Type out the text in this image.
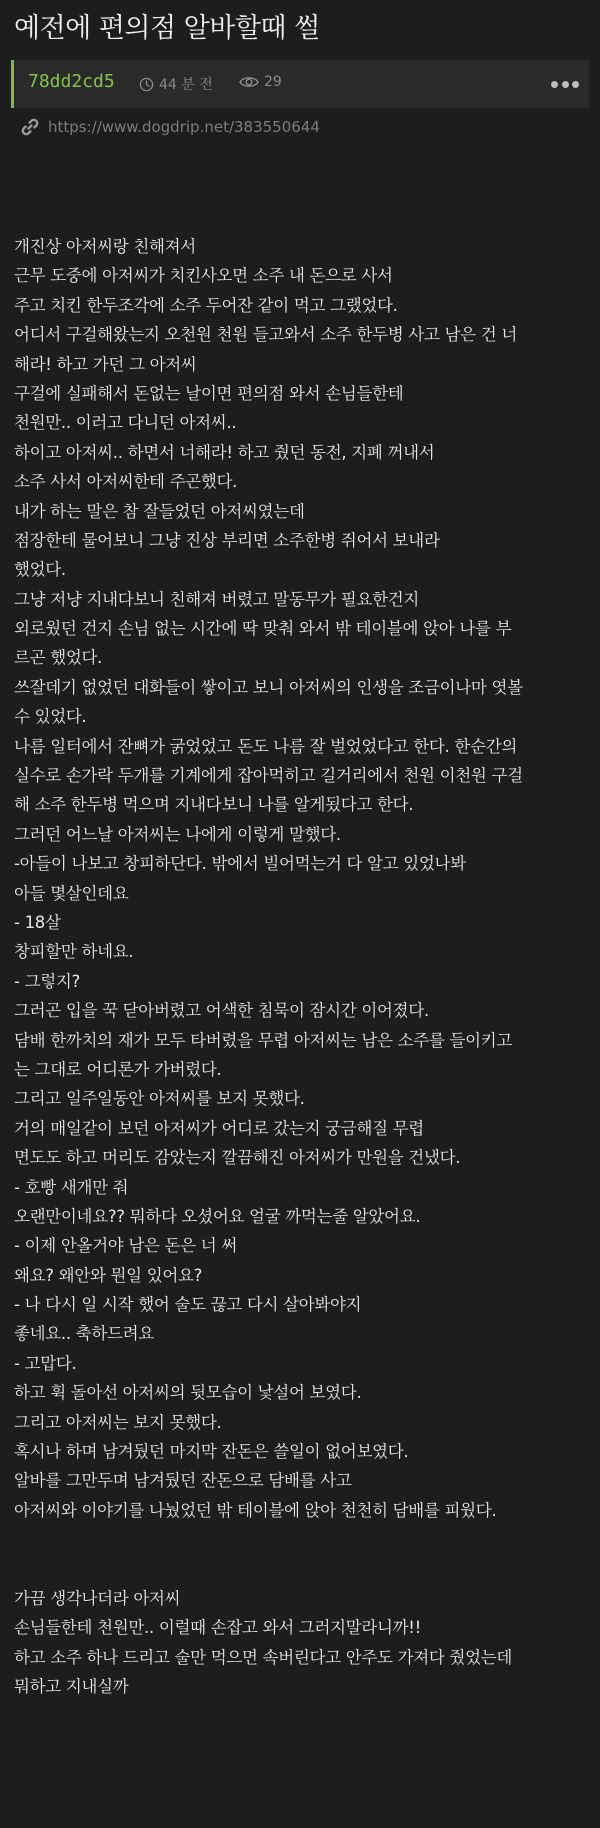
예전에 편의점 알바할때 썰
78dd2cd5	44 분 전	29
https://www.dogdrip.net/383550644
개진상 아저씨랑 친해져서
근무 도중에 아저씨가 치킨사오면 소주 내 돈으로 사서
주고 치킨 한두조각에 소주 두어잔 같이 먹고 그랬었다.
어디서 구걸해왔는지 오천원 천원 들고와서 소주 한두병 사고 남은 건 너
해라! 하고 가던 그 아저씨
구걸에 실패해서 돈없는 날이면 편의점 와서 손님들한테
천원만.. 이러고 다니던 아저씨..
하이고 아저씨.. 하면서 너해라! 하고 줬던 동전, 지폐 꺼내서
소주 사서 아저씨한테 주곤했다.
내가 하는 말은 참 잘들었던 아저씨였는데
점장한테 물어보니 그냥 진상 부리면 소주한병 쥐어서 보내라
했었다.
그냥 저냥 지내다보니 친해져 버렸고 말동무가 필요한건지
외로웠던 건지 손님 없는 시간에 딱 맞춰 와서 밖 테이블에 앉아 나를 부
르곤 했었다.
쓰잘데기 없었던 대화들이 쌓이고 보니 아저씨의 인생을 조금이나마 엿볼
수 있었다.
나름 일터에서 잔뼈가 굵었었고 돈도 나름 잘 벌었었다고 한다. 한순간의
실수로 손가락 두개를 기계에게 잡아먹히고 길거리에서 천원 이천원 구걸
해 소주 한두병 먹으며 지내다보니 나를 알게됬다고 한다.
그러던 어느날 아저씨는 나에게 이렇게 말했다.
-아들이 나보고 창피하단다. 밖에서 빌어먹는거 다 알고 있었나봐
아들 몇살인데요
- 18살
창피할만 하네요.
- 그렇지?
그러곤 입을 꾹 닫아버렸고 어색한 침묵이 잠시간 이어졌다.
담배 한까치의 재가 모두 타버렸을 무렵 아저씨는 남은 소주를 들이키고
는 그대로 어디론가 가버렸다.
그리고 일주일동안 아저씨를 보지 못했다.
거의 매일같이 보던 아저씨가 어디로 갔는지 궁금해질 무렵
면도도 하고 머리도 감았는지 깔끔해진 아저씨가 만원을 건냈다.
- 호빵 새개만 줘
오랜만이네요?? 뭐하다 오셨어요 얼굴 까먹는줄 알았어요.
- 이제 안올거야 남은 돈은 너 써
왜요? 왜안와 뭔일 있어요?
- 나 다시 일 시작 했어 술도 끊고 다시 살아봐야지
좋네요.. 축하드려요
- 고맙다.
하고 휙 돌아선 아저씨의 뒷모습이 낯설어 보였다.
그리고 아저씨는 보지 못했다.
혹시나 하며 남겨뒀던 마지막 잔돈은 쓸일이 없어보였다.
알바를 그만두며 남겨뒀던 잔돈으로 담배를 사고
아저씨와 이야기를 나눴었던 밖 테이블에 앉아 천천히 담배를 피웠다.
가끔 생각나더라 아저씨
손님들한테 천원만.. 이럴때 손잡고 와서 그러지말라니까!!
하고 소주 하나 드리고 술만 먹으면 속버린다고 안주도 가져다 줬었는데
뭐하고 지내실까
